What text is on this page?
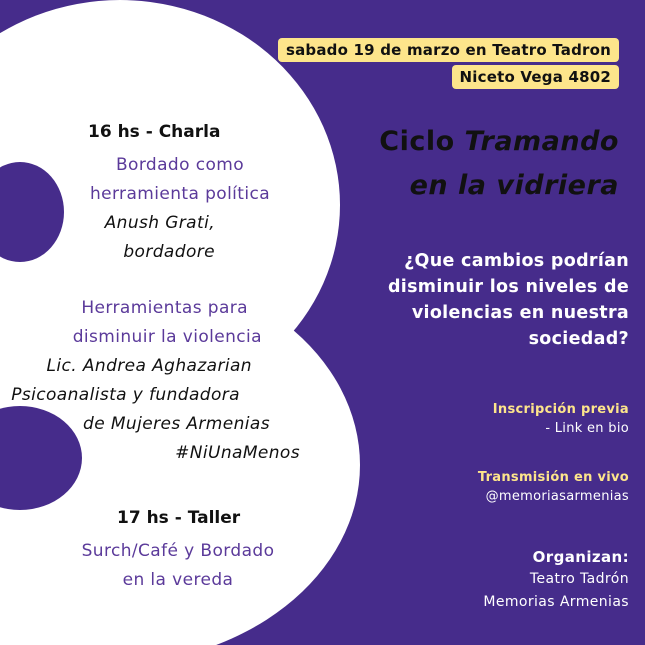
sabado 19 de marzo en Teatro Tadron
Niceto Vega 4802
Ciclo Tramando
en la vidriera
¿Que cambios podrían
disminuir los niveles de
violencias en nuestra
sociedad?
Inscripción previa
- Link en bio
Transmisión en vivo
@memoriasarmenias
Organizan:
Teatro Tadrón
Memorias Armenias
16 hs - Charla
Bordado como
herramienta política
Anush Grati,
bordadore
Herramientas para
disminuir la violencia
Lic. Andrea Aghazarian
Psicoanalista y fundadora
de Mujeres Armenias
#NiUnaMenos
17 hs - Taller
Surch/Café y Bordado
en la vereda
